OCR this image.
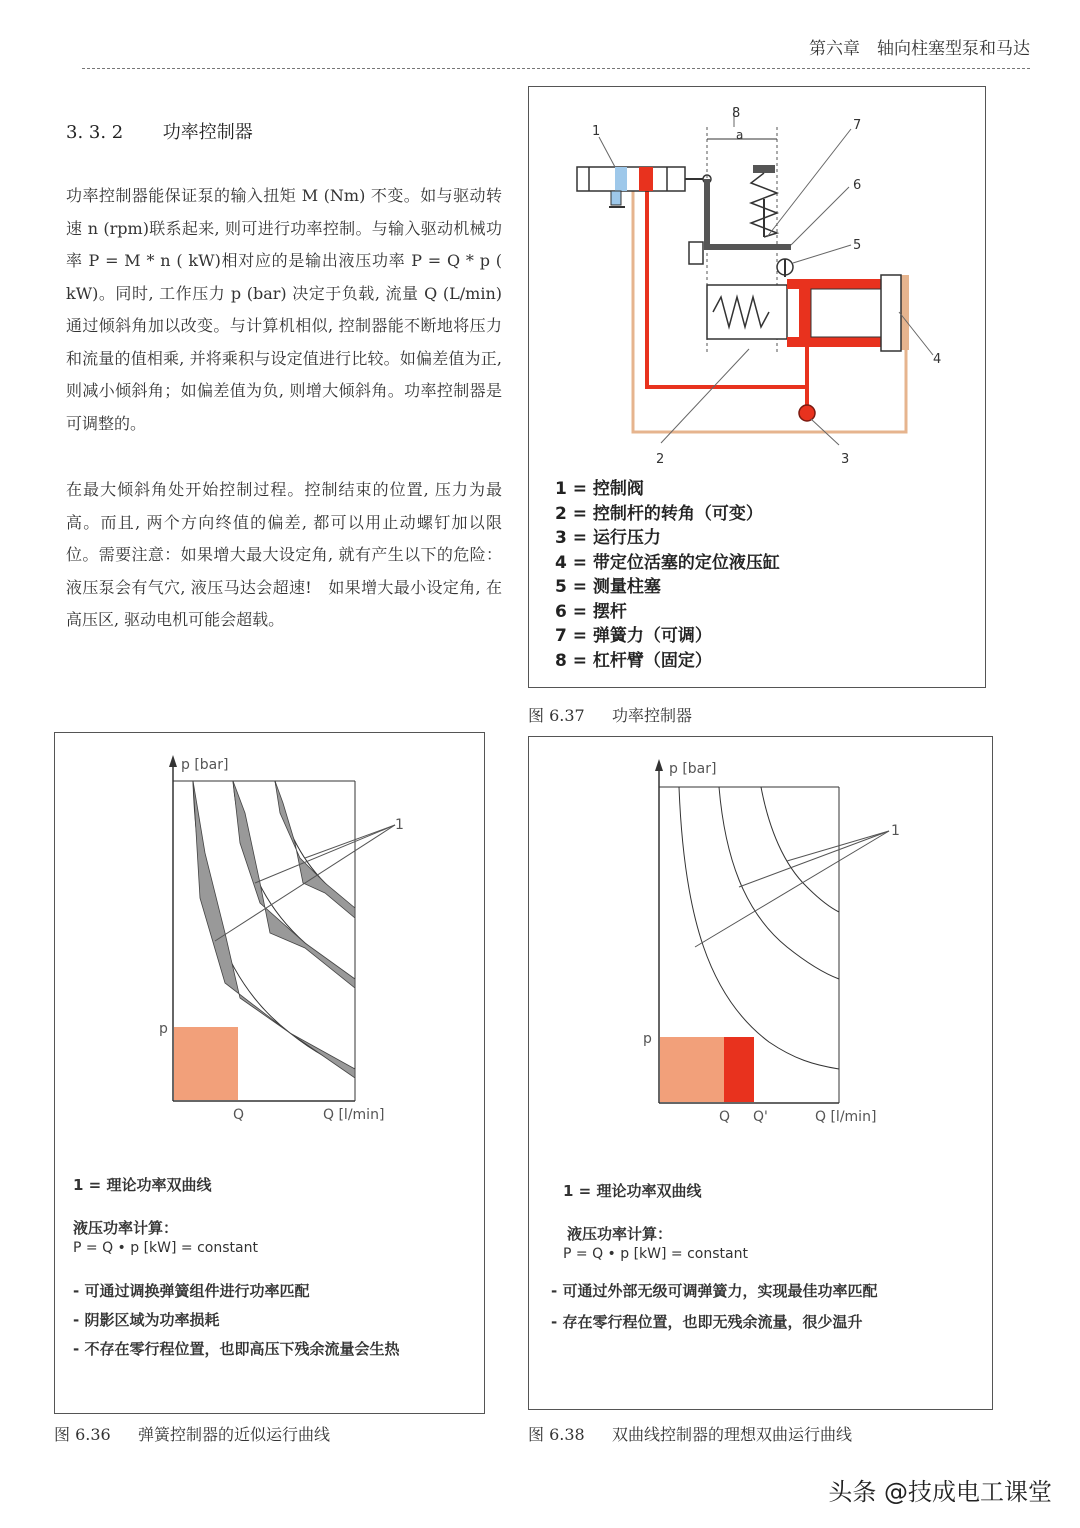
第六章　轴向柱塞型泵和马达
3. 3. 2 功率控制器
功率控制器能保证泵的输入扭矩 M (Nm) 不变。如与驱动转速 n (rpm)联系起来, 则可进行功率控制。与输入驱动机械功率 P = M * n ( kW)相对应的是输出液压功率 P = Q * p ( kW)。同时, 工作压力 p (bar) 决定于负载, 流量 Q (L/min) 通过倾斜角加以改变。与计算机相似, 控制器能不断地将压力和流量的值相乘, 并将乘积与设定值进行比较。如偏差值为正, 则减小倾斜角；如偏差值为负, 则增大倾斜角。功率控制器是可调整的。
在最大倾斜角处开始控制过程。控制结束的位置, 压力为最高。而且, 两个方向终值的偏差, 都可以用止动螺钉加以限位。需要注意：如果增大最大设定角, 就有产生以下的危险：液压泵会有气穴, 液压马达会超速!　如果增大最小设定角, 在高压区, 驱动电机可能会超载。
a
1
8
7
6
5
4
3
2
1 = 控制阀
2 = 控制杆的转角（可变）
3 = 运行压力
4 = 带定位活塞的定位液压缸
5 = 测量柱塞
6 = 摆杆
7 = 弹簧力（可调）
8 = 杠杆臂（固定）
图 6.37 功率控制器
p [bar]
Q [l/min]
p
Q
1
1 = 理论功率双曲线
液压功率计算：
P = Q • p [kW] = constant
- 可通过调换弹簧组件进行功率匹配
- 阴影区域为功率损耗
- 不存在零行程位置，也即高压下残余流量会生热
图 6.36 弹簧控制器的近似运行曲线
p [bar]
Q [l/min]
p
Q Q'
1
1 = 理论功率双曲线
液压功率计算：
P = Q • p [kW] = constant
- 可通过外部无级可调弹簧力，实现最佳功率匹配
- 存在零行程位置，也即无残余流量，很少温升
图 6.38 双曲线控制器的理想双曲运行曲线
头条 @技成电工课堂
